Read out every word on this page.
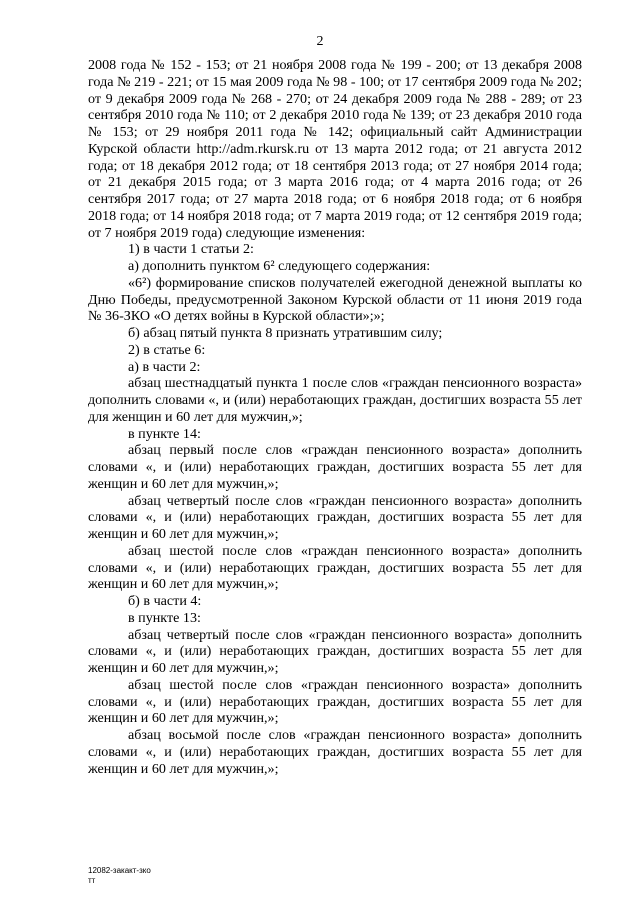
2

2008 года № 152 - 153; от 21 ноября 2008 года № 199 - 200; от 13 декабря 2008 года № 219 - 221; от 15 мая 2009 года № 98 - 100; от 17 сентября 2009 года № 202; от 9 декабря 2009 года № 268 - 270; от 24 декабря 2009 года № 288 - 289; от 23 сентября 2010 года № 110; от 2 декабря 2010 года № 139; от 23 декабря 2010 года № 153; от 29 ноября 2011 года № 142; официальный сайт Администрации Курской области http://adm.rkursk.ru от 13 марта 2012 года; от 21 августа 2012 года; от 18 декабря 2012 года; от 18 сентября 2013 года; от 27 ноября 2014 года; от 21 декабря 2015 года; от 3 марта 2016 года; от 4 марта 2016 года; от 26 сентября 2017 года; от 27 марта 2018 года; от 6 ноября 2018 года; от 6 ноября 2018 года; от 14 ноября 2018 года; от 7 марта 2019 года; от 12 сентября 2019 года; от 7 ноября 2019 года) следующие изменения:

1) в части 1 статьи 2:

а) дополнить пунктом 6² следующего содержания:

«6²) формирование списков получателей ежегодной денежной выплаты ко Дню Победы, предусмотренной Законом Курской области от 11 июня 2019 года № 36-ЗКО «О детях войны в Курской области»;»;

б) абзац пятый пункта 8 признать утратившим силу;

2) в статье 6:

а) в части 2:

абзац шестнадцатый пункта 1 после слов «граждан пенсионного возраста» дополнить словами «, и (или) неработающих граждан, достигших возраста 55 лет для женщин и 60 лет для мужчин,»;

в пункте 14:

абзац первый после слов «граждан пенсионного возраста» дополнить словами «, и (или) неработающих граждан, достигших возраста 55 лет для женщин и 60 лет для мужчин,»;

абзац четвертый после слов «граждан пенсионного возраста» дополнить словами «, и (или) неработающих граждан, достигших возраста 55 лет для женщин и 60 лет для мужчин,»;

абзац шестой после слов «граждан пенсионного возраста» дополнить словами «, и (или) неработающих граждан, достигших возраста 55 лет для женщин и 60 лет для мужчин,»;

б) в части 4:

в пункте 13:

абзац четвертый после слов «граждан пенсионного возраста» дополнить словами «, и (или) неработающих граждан, достигших возраста 55 лет для женщин и 60 лет для мужчин,»;

абзац шестой после слов «граждан пенсионного возраста» дополнить словами «, и (или) неработающих граждан, достигших возраста 55 лет для женщин и 60 лет для мужчин,»;

абзац восьмой после слов «граждан пенсионного возраста» дополнить словами «, и (или) неработающих граждан, достигших возраста 55 лет для женщин и 60 лет для мужчин,»;

12082-закакт-зко
тт
